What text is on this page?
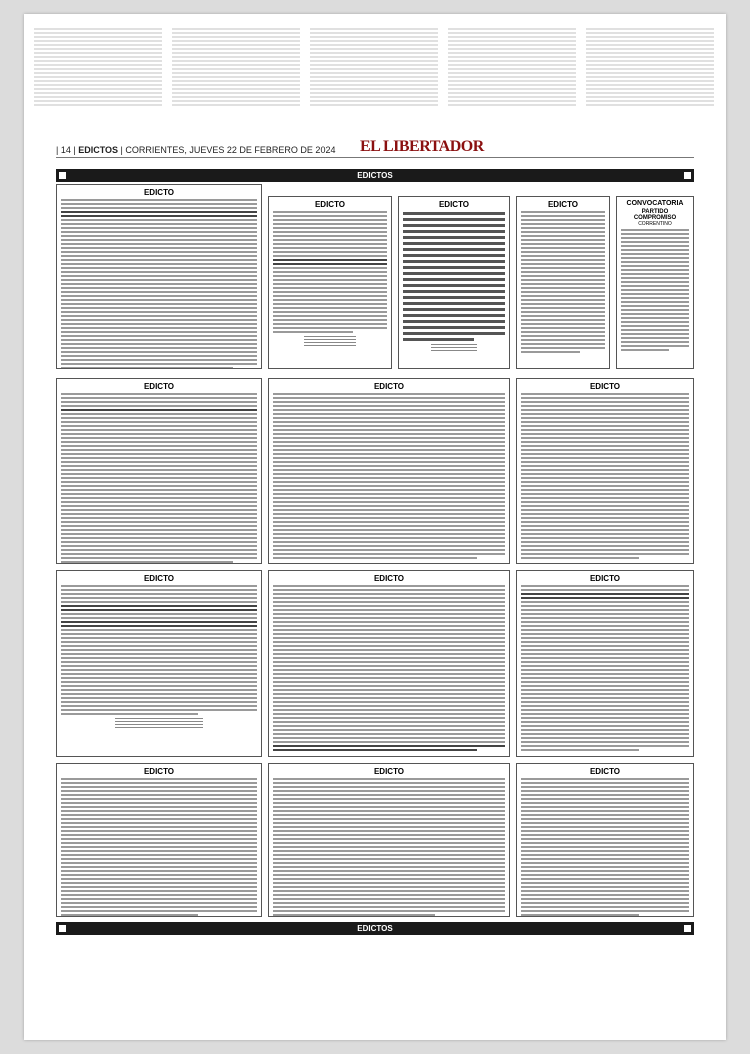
| 14 | EDICTOS | CORRIENTES, JUEVES 22 DE FEBRERO DE 2024 EL LIBERTADOR
EDICTOS
EDICTO
EDICTO	EDICTO	EDICTO	CONVOCATORIA
PARTIDO COMPROMISO
CORRENTINO
EDICTO	EDICTO	EDICTO
EDICTO	EDICTO	EDICTO
EDICTO	EDICTO	EDICTO
EDICTOS
